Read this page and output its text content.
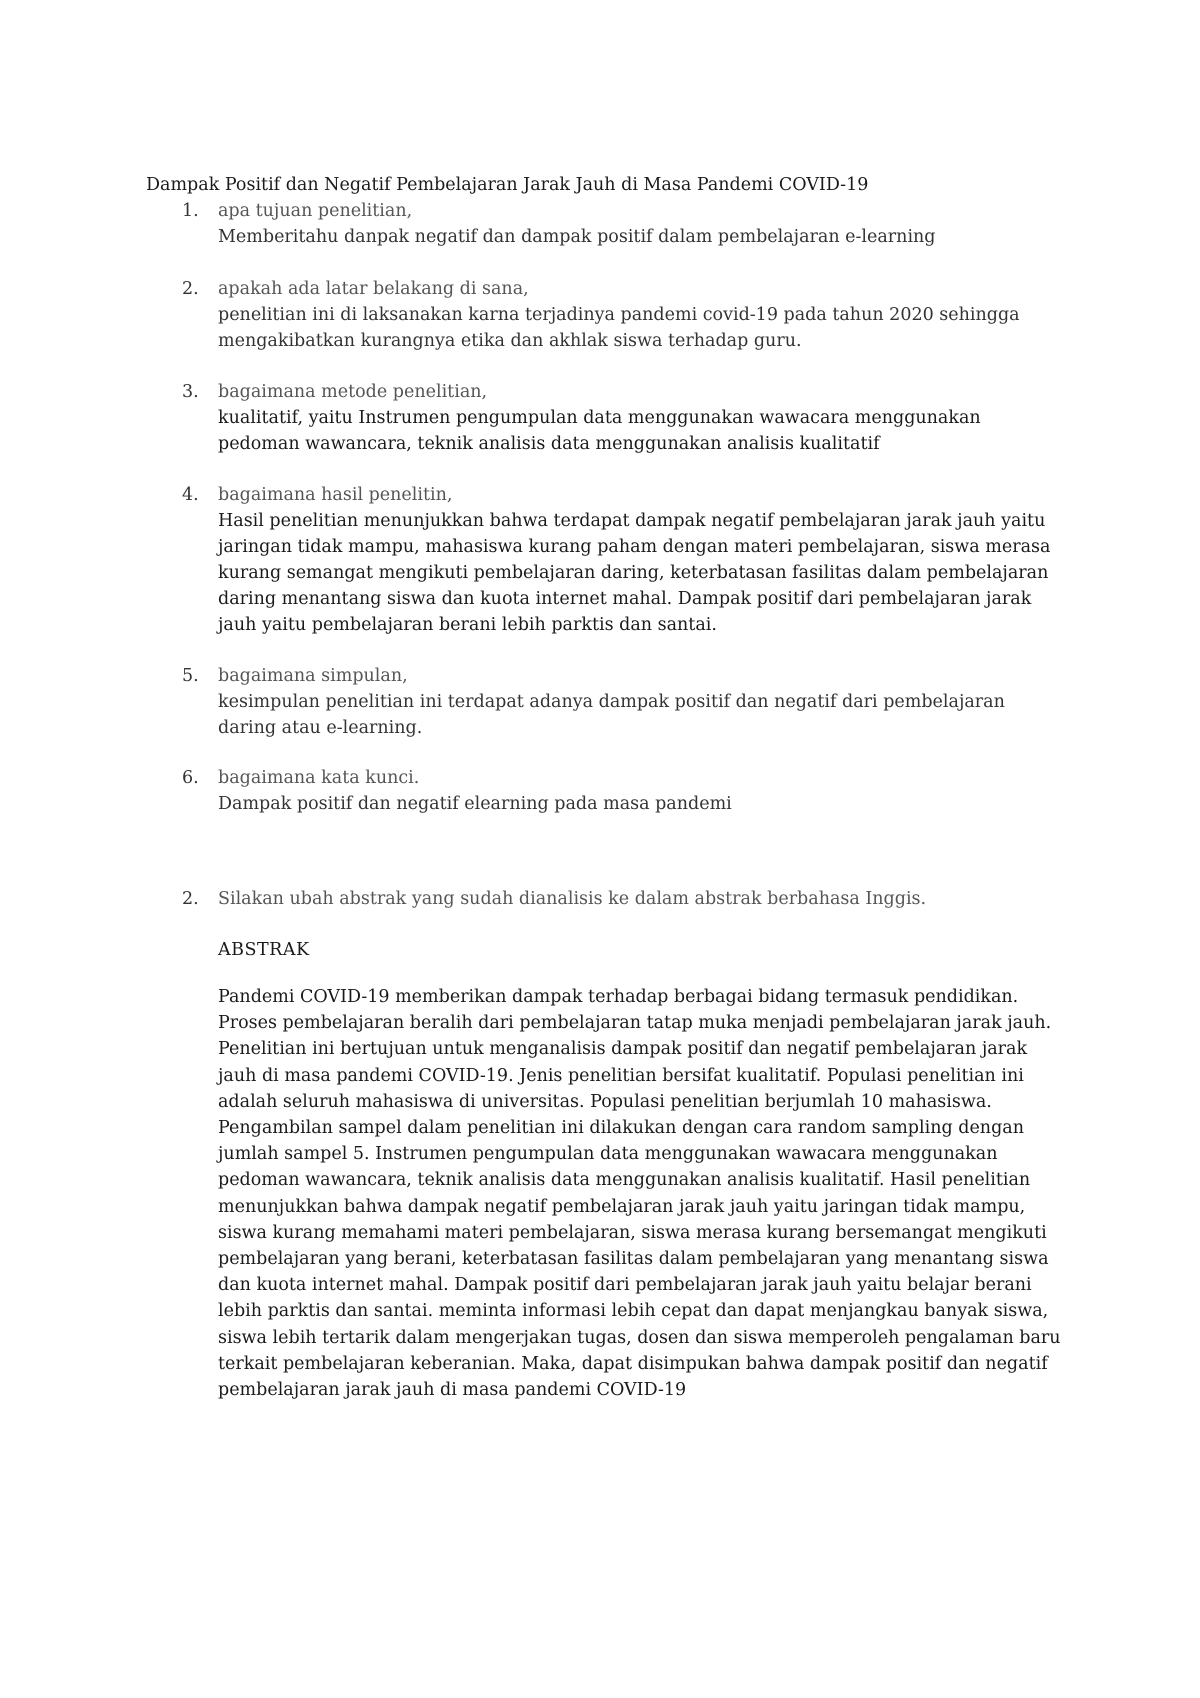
Dampak Positif dan Negatif Pembelajaran Jarak Jauh di Masa Pandemi COVID-19
1. apa tujuan penelitian,
Memberitahu danpak negatif dan dampak positif dalam pembelajaran e-learning
2. apakah ada latar belakang di sana,
penelitian ini di laksanakan karna terjadinya pandemi covid-19 pada tahun 2020 sehingga
mengakibatkan kurangnya etika dan akhlak siswa terhadap guru.
3. bagaimana metode penelitian,
kualitatif, yaitu Instrumen pengumpulan data menggunakan wawacara menggunakan
pedoman wawancara, teknik analisis data menggunakan analisis kualitatif
4. bagaimana hasil penelitin,
Hasil penelitian menunjukkan bahwa terdapat dampak negatif pembelajaran jarak jauh yaitu
jaringan tidak mampu, mahasiswa kurang paham dengan materi pembelajaran, siswa merasa
kurang semangat mengikuti pembelajaran daring, keterbatasan fasilitas dalam pembelajaran
daring menantang siswa dan kuota internet mahal. Dampak positif dari pembelajaran jarak
jauh yaitu pembelajaran berani lebih parktis dan santai.
5. bagaimana simpulan,
kesimpulan penelitian ini terdapat adanya dampak positif dan negatif dari pembelajaran
daring atau e-learning.
6. bagaimana kata kunci.
Dampak positif dan negatif elearning pada masa pandemi
2. Silakan ubah abstrak yang sudah dianalisis ke dalam abstrak berbahasa Inggis.
ABSTRAK
Pandemi COVID-19 memberikan dampak terhadap berbagai bidang termasuk pendidikan.
Proses pembelajaran beralih dari pembelajaran tatap muka menjadi pembelajaran jarak jauh.
Penelitian ini bertujuan untuk menganalisis dampak positif dan negatif pembelajaran jarak
jauh di masa pandemi COVID-19. Jenis penelitian bersifat kualitatif. Populasi penelitian ini
adalah seluruh mahasiswa di universitas. Populasi penelitian berjumlah 10 mahasiswa.
Pengambilan sampel dalam penelitian ini dilakukan dengan cara random sampling dengan
jumlah sampel 5. Instrumen pengumpulan data menggunakan wawacara menggunakan
pedoman wawancara, teknik analisis data menggunakan analisis kualitatif. Hasil penelitian
menunjukkan bahwa dampak negatif pembelajaran jarak jauh yaitu jaringan tidak mampu,
siswa kurang memahami materi pembelajaran, siswa merasa kurang bersemangat mengikuti
pembelajaran yang berani, keterbatasan fasilitas dalam pembelajaran yang menantang siswa
dan kuota internet mahal. Dampak positif dari pembelajaran jarak jauh yaitu belajar berani
lebih parktis dan santai. meminta informasi lebih cepat dan dapat menjangkau banyak siswa,
siswa lebih tertarik dalam mengerjakan tugas, dosen dan siswa memperoleh pengalaman baru
terkait pembelajaran keberanian. Maka, dapat disimpukan bahwa dampak positif dan negatif
pembelajaran jarak jauh di masa pandemi COVID-19
